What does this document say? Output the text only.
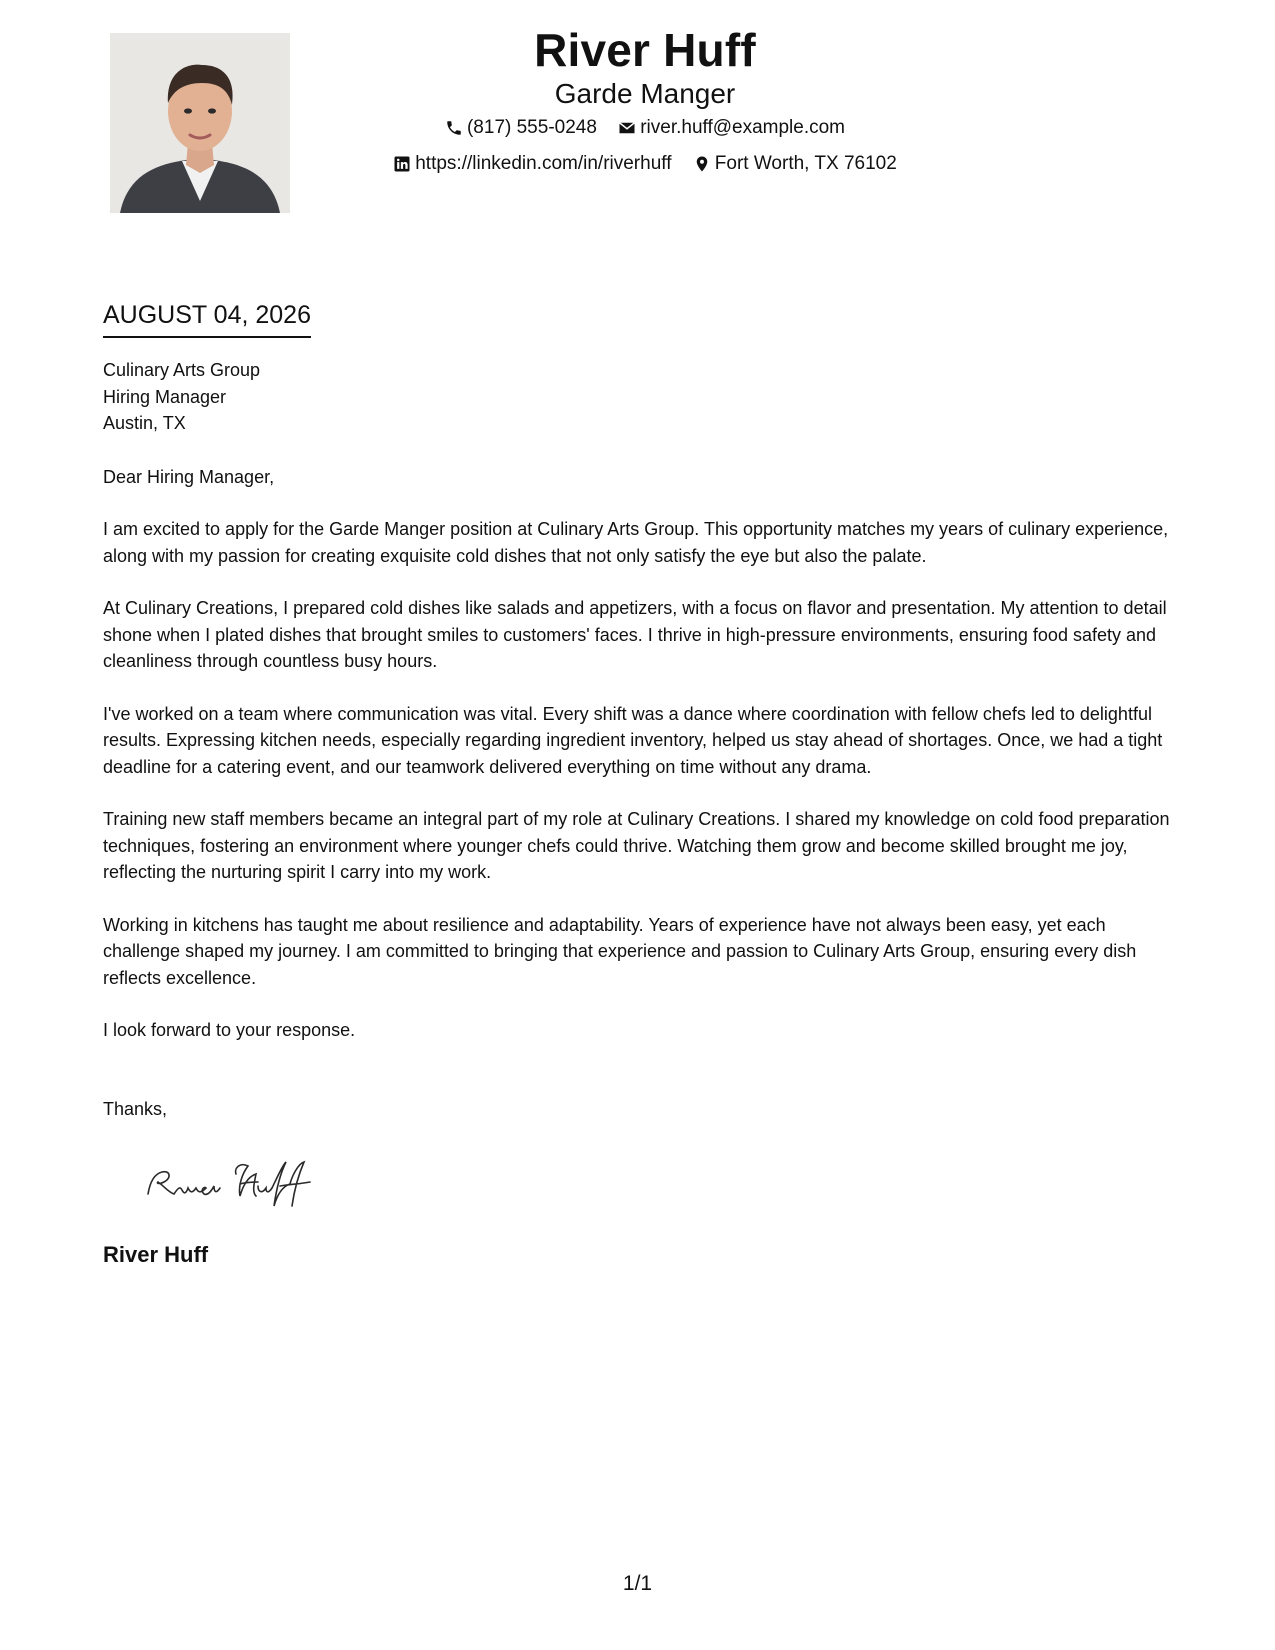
River Huff
Garde Manger
(817) 555-0248
river.huff@example.com
https://linkedin.com/in/riverhuff
Fort Worth, TX 76102
AUGUST 04, 2026
Culinary Arts Group
Hiring Manager
Austin, TX

Dear Hiring Manager,

I am excited to apply for the Garde Manger position at Culinary Arts Group. This opportunity matches my years of culinary experience, along with my passion for creating exquisite cold dishes that not only satisfy the eye but also the palate.

At Culinary Creations, I prepared cold dishes like salads and appetizers, with a focus on flavor and presentation. My attention to detail shone when I plated dishes that brought smiles to customers' faces. I thrive in high-pressure environments, ensuring food safety and cleanliness through countless busy hours.

I've worked on a team where communication was vital. Every shift was a dance where coordination with fellow chefs led to delightful results. Expressing kitchen needs, especially regarding ingredient inventory, helped us stay ahead of shortages. Once, we had a tight deadline for a catering event, and our teamwork delivered everything on time without any drama.

Training new staff members became an integral part of my role at Culinary Creations. I shared my knowledge on cold food preparation techniques, fostering an environment where younger chefs could thrive. Watching them grow and become skilled brought me joy, reflecting the nurturing spirit I carry into my work.

Working in kitchens has taught me about resilience and adaptability. Years of experience have not always been easy, yet each challenge shaped my journey. I am committed to bringing that experience and passion to Culinary Arts Group, ensuring every dish reflects excellence.

I look forward to your response.

Thanks,

River Huff
1/1
